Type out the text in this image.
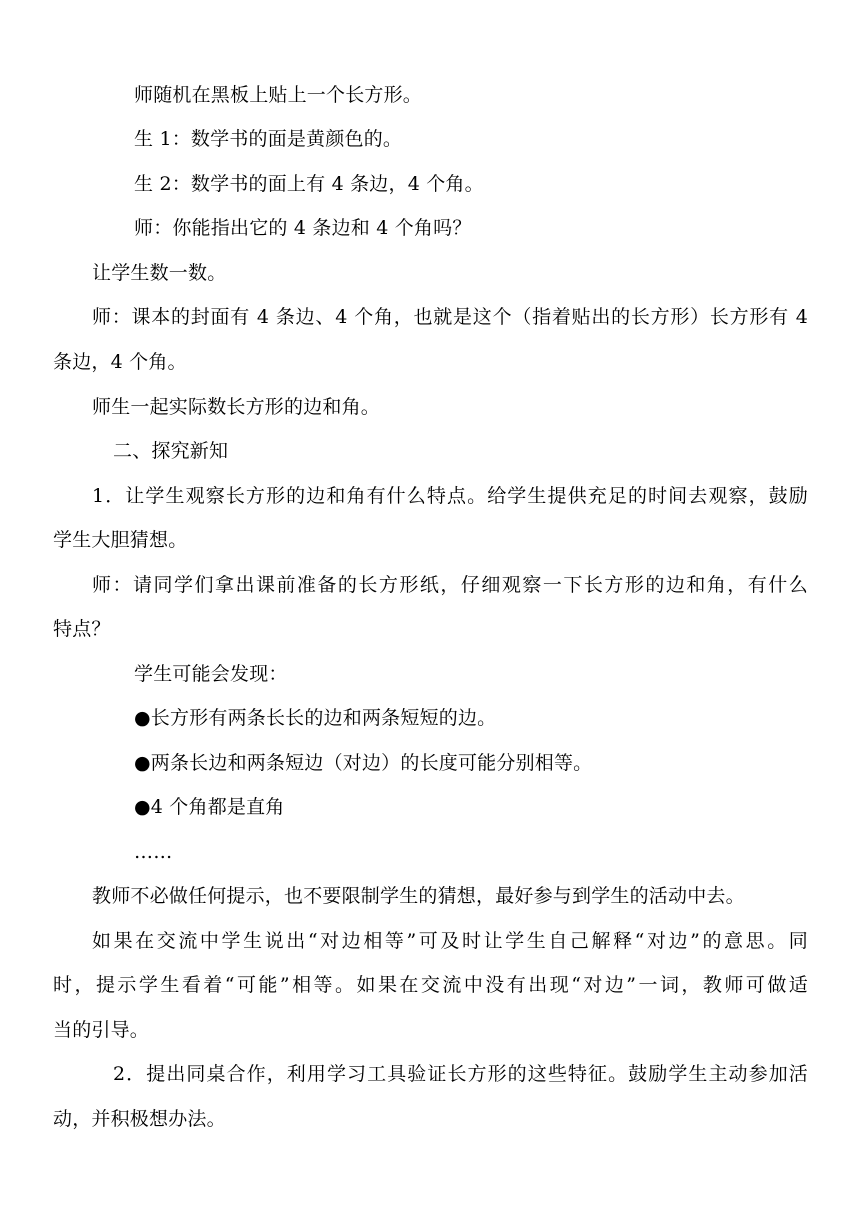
师随机在黑板上贴上一个长方形。
生 1：数学书的面是黄颜色的。
生 2：数学书的面上有 4 条边，4 个角。
师：你能指出它的 4 条边和 4 个角吗？
让学生数一数。
师：课本的封面有 4 条边、4 个角，也就是这个（指着贴出的长方形）长方形有 4
条边，4 个角。
师生一起实际数长方形的边和角。
二、探究新知
1．让学生观察长方形的边和角有什么特点。给学生提供充足的时间去观察，鼓励
学生大胆猜想。
师：请同学们拿出课前准备的长方形纸，仔细观察一下长方形的边和角，有什么
特点？
学生可能会发现：
●长方形有两条长长的边和两条短短的边。
●两条长边和两条短边（对边）的长度可能分别相等。
●4 个角都是直角
……
教师不必做任何提示，也不要限制学生的猜想，最好参与到学生的活动中去。
如果在交流中学生说出“对边相等”可及时让学生自己解释“对边”的意思。同
时，提示学生看着“可能”相等。如果在交流中没有出现“对边”一词，教师可做适
当的引导。
2．提出同桌合作，利用学习工具验证长方形的这些特征。鼓励学生主动参加活
动，并积极想办法。
